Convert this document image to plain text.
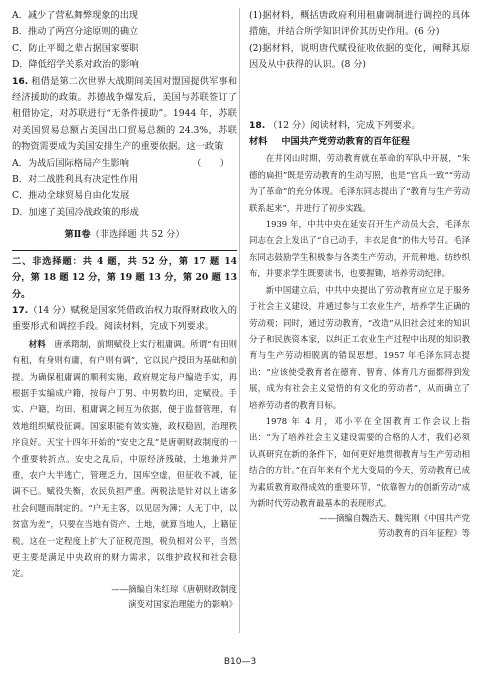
A．减少了营私舞弊现象的出现

B．推动了两宫分途原则的确立

C．防止平蜀之辈占据国家要职

D．降低绍学关系对政治的影响

16. 租借是第二次世界大战期间美国对盟国提供军事和经济援助的政策。苏德战争爆发后，美国与苏联签订了租借协定，对苏联进行“无条件援助”。1944 年，苏联对美国贸易总额占美国出口贸易总额的 24.3%，苏联的物资需要成为美国安排生产的重要依据。这一政策
（　　）

A．为战后国际格局产生影响

B．对二战胜利具有决定性作用

C．推动全球贸易自由化发展

D．加速了美国冷战政策的形成

第Ⅱ卷（非选择题 共 52 分）

二、非选择题：共 4 题，共 52 分，第 17 题 14 分，第 18 题 12 分，第 19 题 13 分，第 20 题 13 分。

17.（14 分）赋税是国家凭借政治权力取得财政收入的重要形式和调控手段。阅读材料，完成下列要求。

材料　 唐承隋制，前期赋役上实行租庸调。所谓“有田则有租，有身则有庸，有户则有调”，它以民户授田为基础和前提。为确保租庸调的顺利实施，政府规定每户编造手实，再根据手实编成户籍，按每户丁男、中男数均田，定赋役。手实、户籍，均田、租庸调之间互为依据，便于监督管理，有效地组织赋役征调。国家职能有效实施，政权稳固，治理秩序良好。天宝十四年开始的“安史之乱”是唐朝财政制度的一个重要转折点。安史之乱后，中原经济残破，土地兼并严重，农户大半逃亡，管理乏力，国库空虚，但征收不减，征调不已。赋役失衡，农民负担严重。两税法是针对以上诸多社会问题而制定的。“户无主客，以见居为簿；人无丁中，以贫富为差”，只要在当地有资产、土地，就算当地人，上籍征税。这在一定程度上扩大了征税范围，税负相对公平，当然更主要是满足中央政府的财力需求，以维护政权和社会稳定。

——摘编自朱红琼《唐朝财政制度

演变对国家治理能力的影响》

(1)据材料，概括唐政府利用租庸调制进行调控的具体措施，并结合所学知识评价其历史作用。(6 分)

(2)据材料，说明唐代赋役征收依据的变化，阐释其原因及从中获得的认识。(8 分)

18. （12 分）阅读材料，完成下列要求。

材料 中国共产党劳动教育的百年征程

在井冈山时期，劳动教育就在革命的军队中开展，“朱德的扁担”既是劳动教育的生动写照，也是“官兵一致”“劳动为了革命”的充分体现。毛泽东同志提出了“教育与生产劳动联系起来”，并进行了初步实践。

1939 年，中共中央在延安召开生产动员大会，毛泽东同志在会上发出了“自己动手，丰衣足食”的伟大号召。毛泽东同志鼓励学生积极参与各类生产劳动，开荒种地、纺纱织布，并要求学生既要读书，也要握锄，培养劳动纪律。

新中国建立后，中共中央提出了劳动教育应立足于服务于社会主义建设，并通过参与工农业生产，培养学生正确的劳动观；同时，通过劳动教育，“改造”从旧社会过来的知识分子和民族资本家，以纠正工农业生产过程中出现的知识教育与生产劳动相脱离的错误思想。1957 年毛泽东同志提出：“应该使受教育者在德育、智育、体育几方面都得到发展，成为有社会主义觉悟的有文化的劳动者”，从而确立了培养劳动者的教育目标。

1978 年 4 月，邓小平在全国教育工作会议上指出：“为了培养社会主义建设需要的合格的人才，我们必须认真研究在新的条件下，如何更好地贯彻教育与生产劳动相结合的方针。”在百年来有个尤大变局的今天，劳动教育已成为素质教育取得成效的重要环节，“依靠智力的创新劳动”成为新时代劳动教育最基本的表现形式。

——摘编自魏浩天、魏宪刚《中国共产党

劳动教育的百年征程》等

B10—3
